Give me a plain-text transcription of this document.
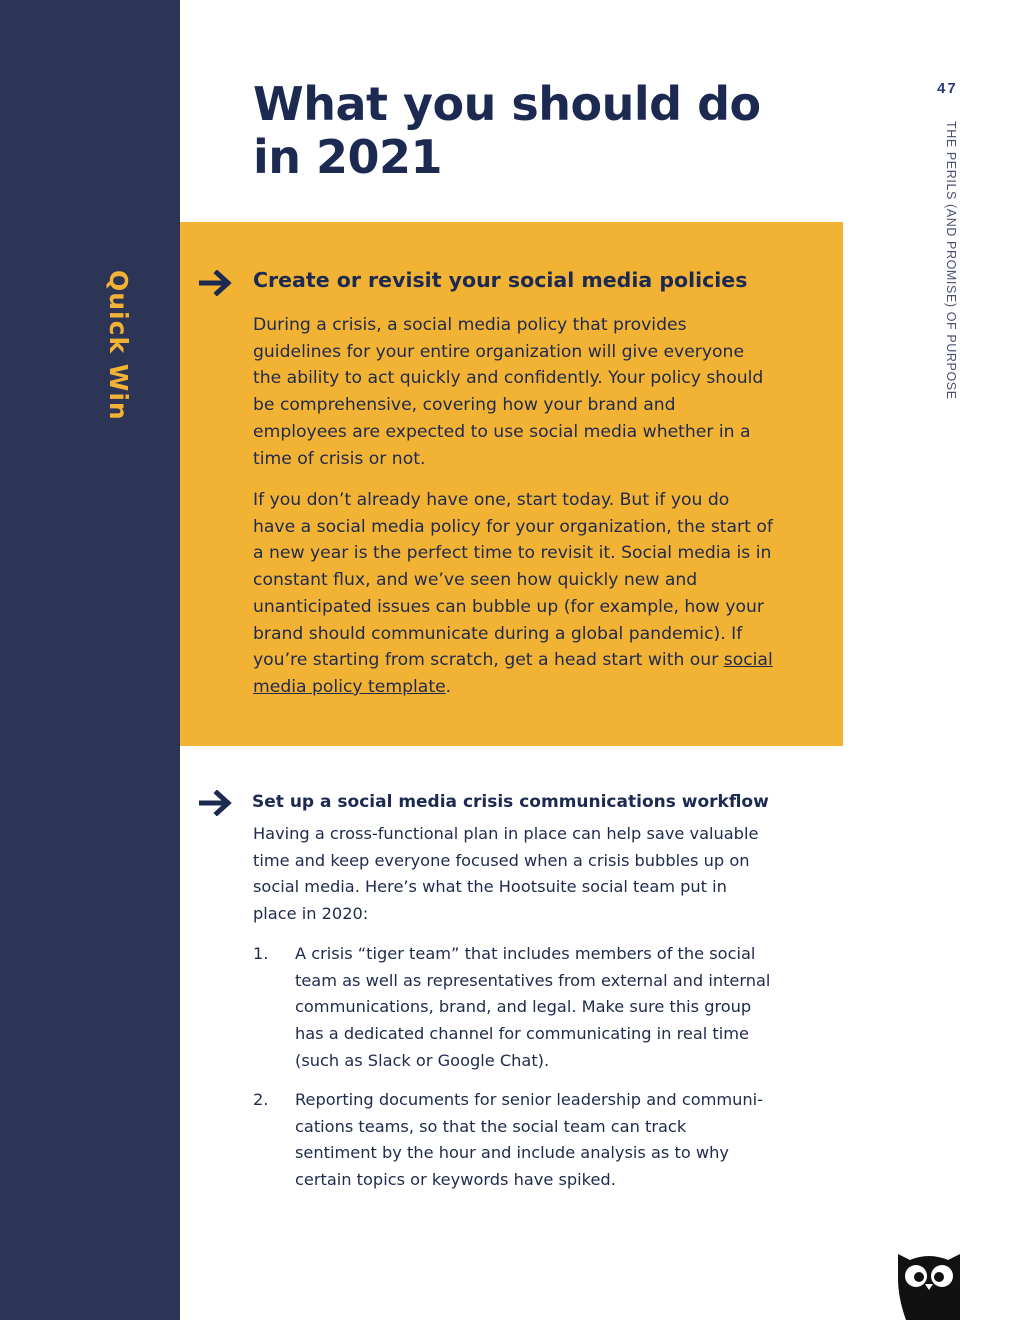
Quick Win
What you should do
in 2021
47
THE PERILS (AND PROMISE) OF PURPOSE
Create or revisit your social media policies

During a crisis, a social media policy that provides guidelines for your entire organization will give everyone the ability to act quickly and confidently. Your policy should be comprehensive, covering how your brand and employees are expected to use social media whether in a time of crisis or not.

If you don’t already have one, start today. But if you do have a social media policy for your organization, the start of a new year is the perfect time to revisit it. Social media is in constant flux, and we’ve seen how quickly new and unanticipated issues can bubble up (for example, how your brand should communicate during a global pandemic). If you’re starting from scratch, get a head start with our social media policy template.

Set up a social media crisis communications workflow

Having a cross-functional plan in place can help save valuable time and keep everyone focused when a crisis bubbles up on social media. Here’s what the Hootsuite social team put in place in 2020:

1. A crisis “tiger team” that includes members of the social team as well as representatives from external and internal communications, brand, and legal. Make sure this group has a dedicated channel for communicating in real time (such as Slack or Google Chat).

2. Reporting documents for senior leadership and communi-cations teams, so that the social team can track sentiment by the hour and include analysis as to why certain topics or keywords have spiked.
